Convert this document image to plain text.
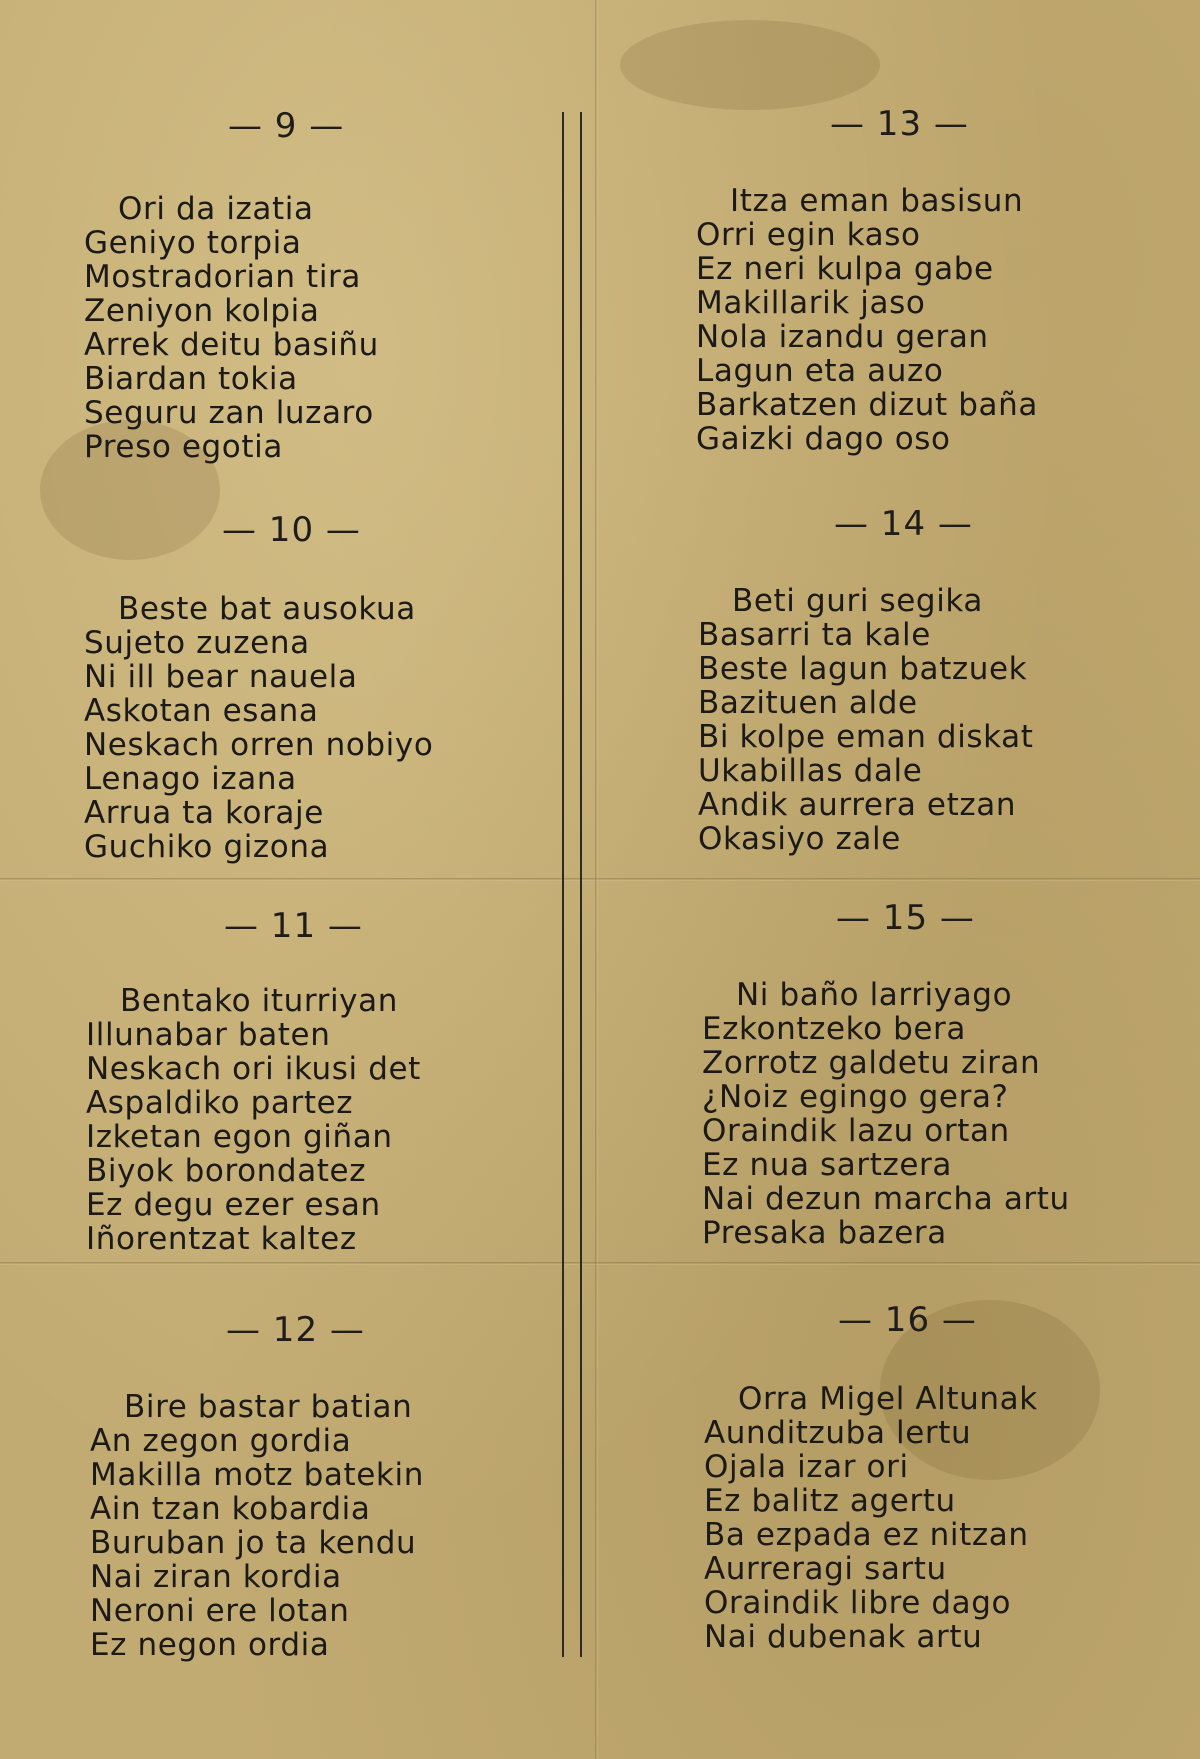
— 9 —
Ori da izatia
Geniyo torpia
Mostradorian tira
Zeniyon kolpia
Arrek deitu basiñu
Biardan tokia
Seguru zan luzaro
Preso egotia
— 10 —
Beste bat ausokua
Sujeto zuzena
Ni ill bear nauela
Askotan esana
Neskach orren nobiyo
Lenago izana
Arrua ta koraje
Guchiko gizona
— 11 —
Bentako iturriyan
Illunabar baten
Neskach ori ikusi det
Aspaldiko partez
Izketan egon giñan
Biyok borondatez
Ez degu ezer esan
Iñorentzat kaltez
— 12 —
Bire bastar batian
An zegon gordia
Makilla motz batekin
Ain tzan kobardia
Buruban jo ta kendu
Nai ziran kordia
Neroni ere lotan
Ez negon ordia
— 13 —
Itza eman basisun
Orri egin kaso
Ez neri kulpa gabe
Makillarik jaso
Nola izandu geran
Lagun eta auzo
Barkatzen dizut baña
Gaizki dago oso
— 14 —
Beti guri segika
Basarri ta kale
Beste lagun batzuek
Bazituen alde
Bi kolpe eman diskat
Ukabillas dale
Andik aurrera etzan
Okasiyo zale
— 15 —
Ni baño larriyago
Ezkontzeko bera
Zorrotz galdetu ziran
¿Noiz egingo gera?
Oraindik lazu ortan
Ez nua sartzera
Nai dezun marcha artu
Presaka bazera
— 16 —
Orra Migel Altunak
Aunditzuba lertu
Ojala izar ori
Ez balitz agertu
Ba ezpada ez nitzan
Aurreragi sartu
Oraindik libre dago
Nai dubenak artu
